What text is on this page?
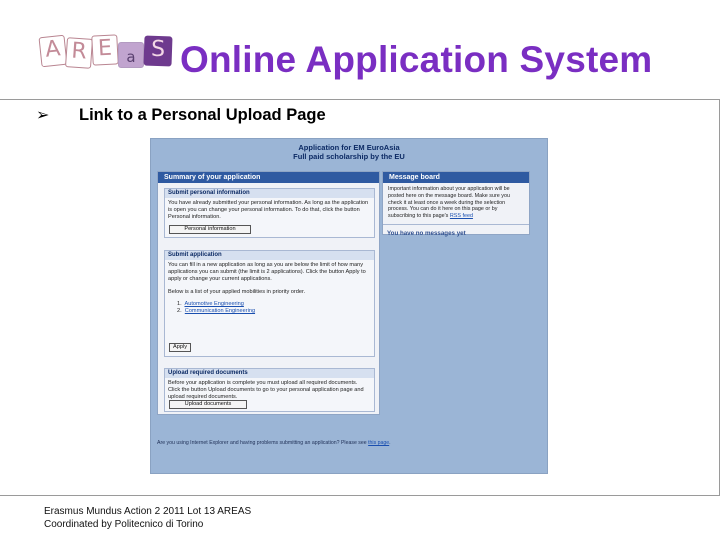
A R E a S Online Application System
➢ Link to a Personal Upload Page
Application for EM EuroAsia
Full paid scholarship by the EU
Summary of your application
Submit personal information
You have already submitted your personal information. As long as the application is open you can change your personal information. To do that, click the button Personal information.
Personal information
Submit application
You can fill in a new application as long as you are below the limit of how many applications you can submit (the limit is 2 applications). Click the button Apply to apply or change your current applications.
Below is a list of your applied mobilities in priority order.
1. Automotive Engineering
2. Communication Engineering
Apply
Upload required documents
Before your application is complete you must upload all required documents. Click the button Upload documents to go to your personal application page and upload required documents.
Upload documents
Message board
Important information about your application will be posted here on the message board. Make sure you check it at least once a week during the selection process. You can do it here on this page or by subscribing to this page's RSS feed
You have no messages yet
Are you using Internet Explorer and having problems submitting an application? Please see this page.
Erasmus Mundus Action 2 2011 Lot 13 AREAS
Coordinated by Politecnico di Torino
